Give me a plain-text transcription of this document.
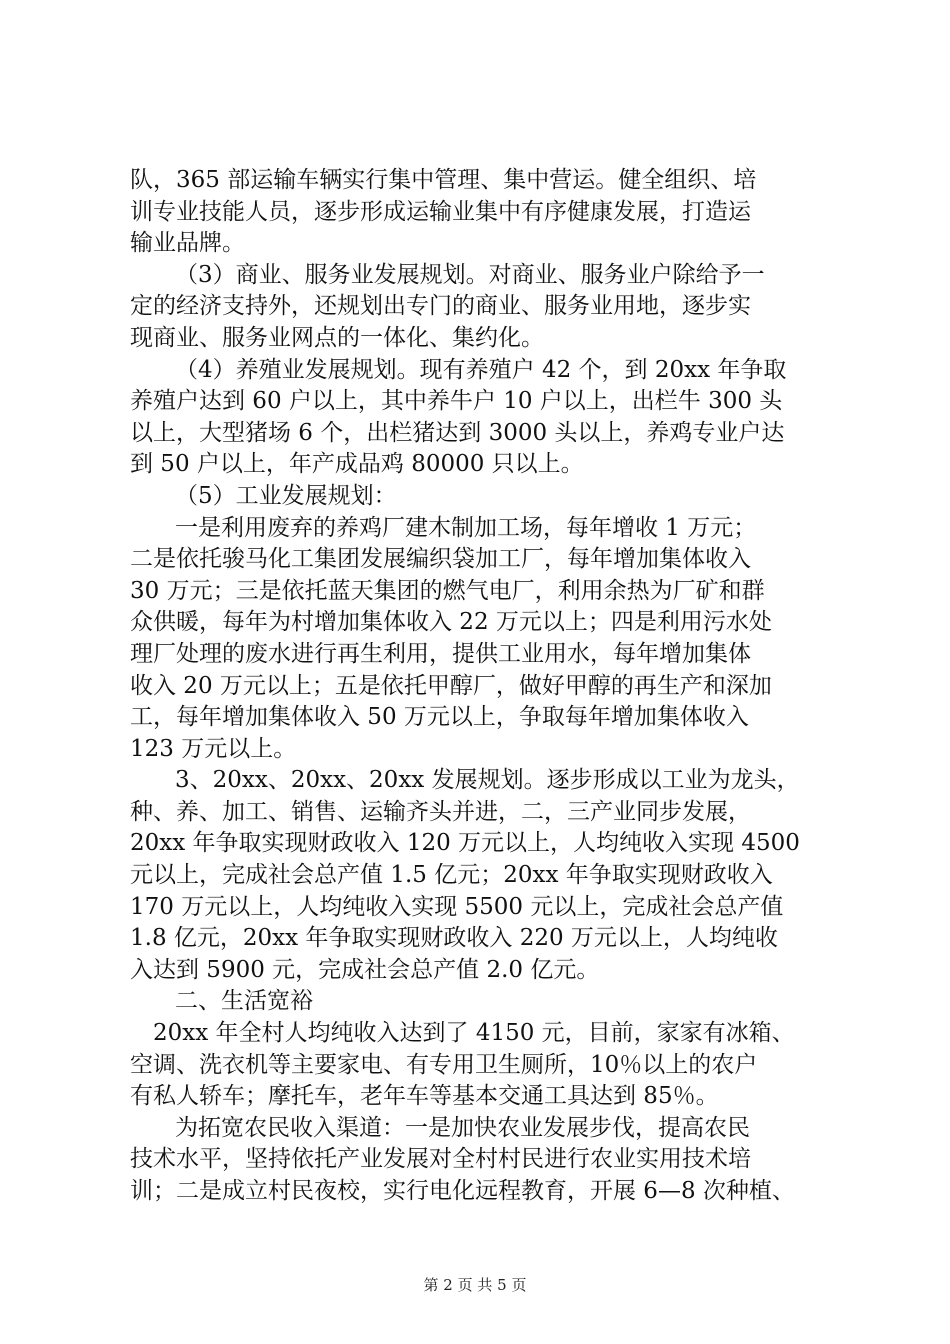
队，365 部运输车辆实行集中管理、集中营运。健全组织、培
训专业技能人员，逐步形成运输业集中有序健康发展，打造运
输业品牌。
（3）商业、服务业发展规划。对商业、服务业户除给予一
定的经济支持外，还规划出专门的商业、服务业用地，逐步实
现商业、服务业网点的一体化、集约化。
（4）养殖业发展规划。现有养殖户 42 个，到 20xx 年争取
养殖户达到 60 户以上，其中养牛户 10 户以上，出栏牛 300 头
以上，大型猪场 6 个，出栏猪达到 3000 头以上，养鸡专业户达
到 50 户以上，年产成品鸡 80000 只以上。
（5）工业发展规划：
一是利用废弃的养鸡厂建木制加工场，每年增收 1 万元；
二是依托骏马化工集团发展编织袋加工厂，每年增加集体收入
30 万元；三是依托蓝天集团的燃气电厂，利用余热为厂矿和群
众供暖，每年为村增加集体收入 22 万元以上；四是利用污水处
理厂处理的废水进行再生利用，提供工业用水，每年增加集体
收入 20 万元以上；五是依托甲醇厂，做好甲醇的再生产和深加
工，每年增加集体收入 50 万元以上，争取每年增加集体收入
123 万元以上。
3、20xx、20xx、20xx 发展规划。逐步形成以工业为龙头，
种、养、加工、销售、运输齐头并进，二，三产业同步发展，
20xx 年争取实现财政收入 120 万元以上，人均纯收入实现 4500
元以上，完成社会总产值 1.5 亿元；20xx 年争取实现财政收入
170 万元以上，人均纯收入实现 5500 元以上，完成社会总产值
1.8 亿元，20xx 年争取实现财政收入 220 万元以上，人均纯收
入达到 5900 元，完成社会总产值 2.0 亿元。
二、生活宽裕
20xx 年全村人均纯收入达到了 4150 元，目前，家家有冰箱、
空调、洗衣机等主要家电、有专用卫生厕所，10％以上的农户
有私人轿车；摩托车，老年车等基本交通工具达到 85％。
为拓宽农民收入渠道：一是加快农业发展步伐，提高农民
技术水平，坚持依托产业发展对全村村民进行农业实用技术培
训；二是成立村民夜校，实行电化远程教育，开展 6—8 次种植、
第 2 页 共 5 页
